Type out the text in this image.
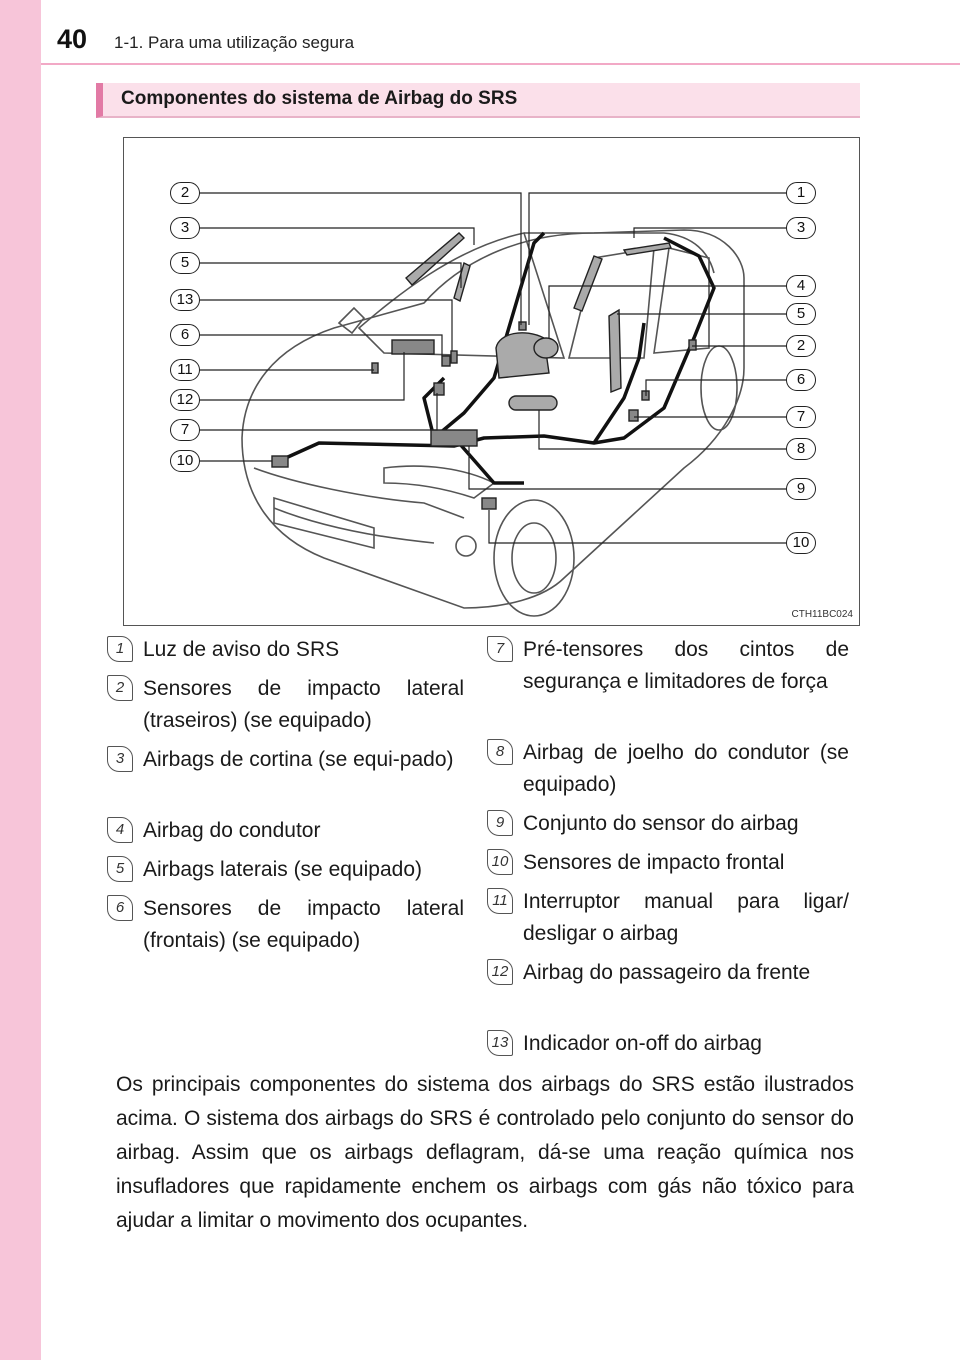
40 1-1. Para uma utilização segura
Componentes do sistema de Airbag do SRS
2
3
5
13
6
11
12
7
10
1
3
4
5
2
6
7
8
9
10
CTH11BC024
1 Luz de aviso do SRS
2 Sensores de impacto lateral (traseiros) (se equipado)
3 Airbags de cortina (se equi-pado)
4 Airbag do condutor
5 Airbags laterais (se equipado)
6 Sensores de impacto lateral (frontais) (se equipado)
7 Pré-tensores dos cintos de segurança e limitadores de força
8 Airbag de joelho do condutor (se equipado)
9 Conjunto do sensor do airbag
10 Sensores de impacto frontal
11 Interruptor manual para ligar/ desligar o airbag
12 Airbag do passageiro da frente
13 Indicador on-off do airbag
Os principais componentes do sistema dos airbags do SRS estão ilustrados acima. O sistema dos airbags do SRS é controlado pelo conjunto do sensor do airbag. Assim que os airbags deflagram, dá-se uma reação química nos insufladores que rapidamente enchem os airbags com gás não tóxico para ajudar a limitar o movimento dos ocupantes.
